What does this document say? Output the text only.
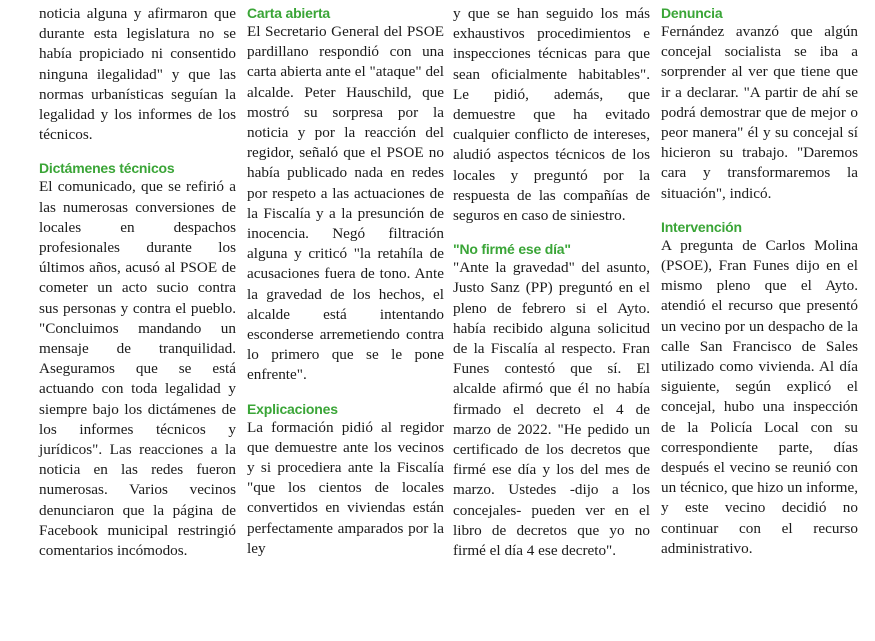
noticia alguna y afirmaron que durante esta legislatura no se había propiciado ni consentido ninguna ilegalidad" y que las normas urbanísticas seguían la legalidad y los informes de los técnicos.

Dictámenes técnicos

El comunicado, que se refirió a las numerosas conversiones de locales en despachos profesionales durante los últimos años, acusó al PSOE de cometer un acto sucio contra sus personas y contra el pueblo. "Concluimos mandando un mensaje de tranquilidad. Aseguramos que se está actuando con toda legalidad y siempre bajo los dictámenes de los informes técnicos y jurídicos". Las reacciones a la noticia en las redes fueron numerosas. Varios vecinos denunciaron que la página de Facebook municipal restringió comentarios incómodos.

Carta abierta

El Secretario General del PSOE pardillano respondió con una carta abierta ante el "ataque" del alcalde. Peter Hauschild, que mostró su sorpresa por la noticia y por la reacción del regidor, señaló que el PSOE no había publicado nada en redes por respeto a las actuaciones de la Fiscalía y a la presunción de inocencia. Negó filtración alguna y criticó "la retahíla de acusaciones fuera de tono. Ante la gravedad de los hechos, el alcalde está intentando esconderse arremetiendo contra lo primero que se le pone enfrente".

Explicaciones

La formación pidió al regidor que demuestre ante los vecinos y si procediera ante la Fiscalía "que los cientos de locales convertidos en viviendas están perfectamente amparados por la ley

y que se han seguido los más exhaustivos procedimientos e inspecciones técnicas para que sean oficialmente habitables". Le pidió, además, que demuestre que ha evitado cualquier conflicto de intereses, aludió aspectos técnicos de los locales y preguntó por la respuesta de las compañías de seguros en caso de siniestro.

"No firmé ese día"

"Ante la gravedad" del asunto, Justo Sanz (PP) preguntó en el pleno de febrero si el Ayto. había recibido alguna solicitud de la Fiscalía al respecto. Fran Funes contestó que sí. El alcalde afirmó que él no había firmado el decreto el 4 de marzo de 2022. "He pedido un certificado de los decretos que firmé ese día y los del mes de marzo. Ustedes -dijo a los concejales- pueden ver en el libro de decretos que yo no firmé el día 4 ese decreto".

Denuncia

Fernández avanzó que algún concejal socialista se iba a sorprender al ver que tiene que ir a declarar. "A partir de ahí se podrá demostrar que de mejor o peor manera" él y su concejal sí hicieron su trabajo. "Daremos cara y transformaremos la situación", indicó.

Intervención

A pregunta de Carlos Molina (PSOE), Fran Funes dijo en el mismo pleno que el Ayto. atendió el recurso que presentó un vecino por un despacho de la calle San Francisco de Sales utilizado como vivienda. Al día siguiente, según explicó el concejal, hubo una inspección de la Policía Local con su correspondiente parte, días después el vecino se reunió con un técnico, que hizo un informe, y este vecino decidió no continuar con el recurso administrativo.
